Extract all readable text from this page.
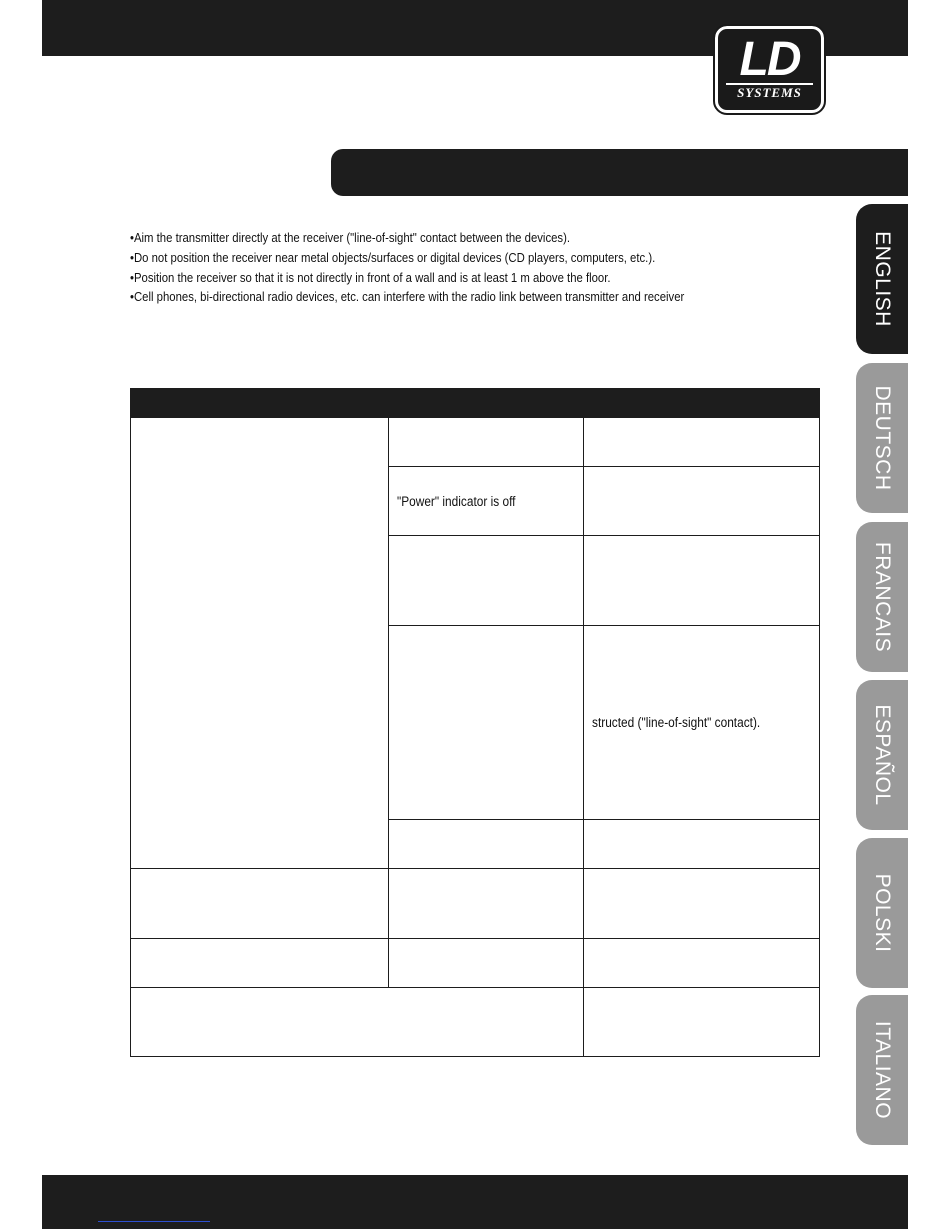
LD
SYSTEMS
•Aim the transmitter directly at the receiver ("line-of-sight" contact between the devices).
•Do not position the receiver near metal objects/surfaces or digital devices (CD players, computers, etc.).
•Position the receiver so that it is not directly in front of a wall and is at least 1 m above the floor.
•Cell phones, bi-directional radio devices, etc. can interfere with the radio link between transmitter and receiver	ENGLISH
DEUTSCH
FRANCAIS
ESPAÑOL
POLSKI
ITALIANO
"Power" indicator is off
structed ("line-of-sight" contact).
